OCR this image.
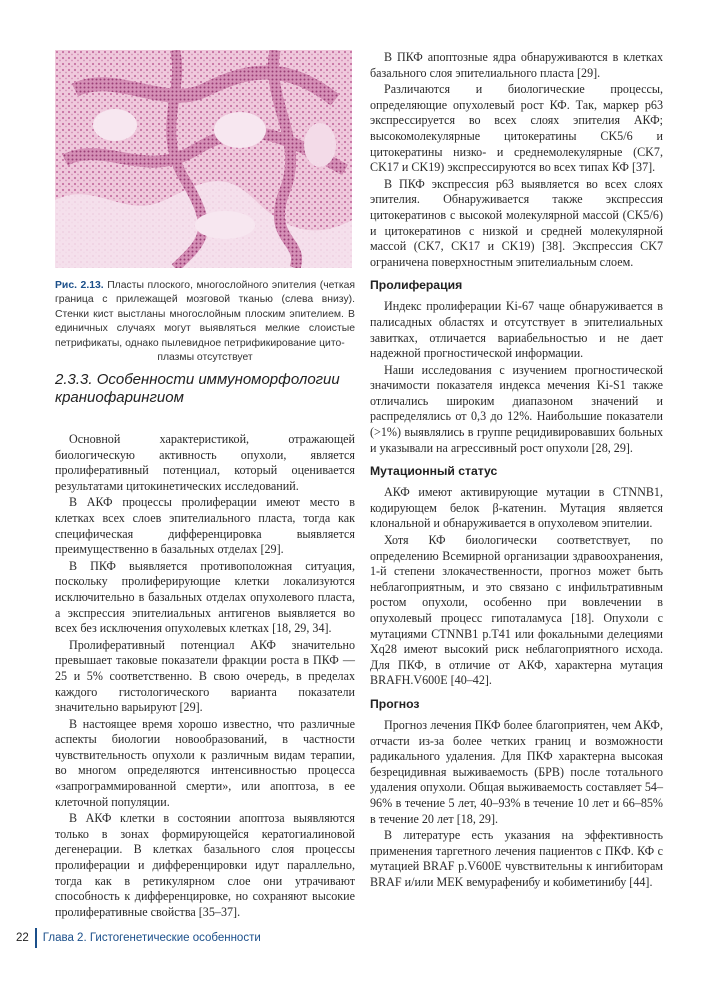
Рис. 2.13. Пласты плоского, многослойного эпителия (четкая граница с прилежащей мозговой тканью (слева внизу). Стенки кист выстланы многослойным плоским эпителием. В единичных случаях могут выявляться мелкие слоистые петрификаты, однако пылевидное петрификирование цито-
плазмы отсутствует
2.3.3. Особенности иммуноморфологии краниофарингиом

Основной характеристикой, отражающей биологическую активность опухоли, является пролиферативный потенциал, который оценивается результатами цитокинетических исследований.

В АКФ процессы пролиферации имеют место в клетках всех слоев эпителиального пласта, тогда как специфическая дифференцировка выявляется преимущественно в базальных отделах [29].

В ПКФ выявляется противоположная ситуация, поскольку пролиферирующие клетки локализуются исключительно в базальных отделах опухолевого пласта, а экспрессия эпителиальных антигенов выявляется во всех без исключения опухолевых клетках [18, 29, 34].

Пролиферативный потенциал АКФ значительно превышает таковые показатели фракции роста в ПКФ — 25 и 5% соответственно. В свою очередь, в пределах каждого гистологического варианта показатели значительно варьируют [29].

В настоящее время хорошо известно, что различные аспекты биологии новообразований, в частности чувствительность опухоли к различным видам терапии, во многом определяются интенсивностью процесса «запрограммированной смерти», или апоптоза, в ее клеточной популяции.

В АКФ клетки в состоянии апоптоза выявляются только в зонах формирующейся кератогиалиновой дегенерации. В клетках базального слоя процессы пролиферации и дифференцировки идут параллельно, тогда как в ретикулярном слое они утрачивают способность к дифференцировке, но сохраняют высокие пролиферативные свойства [35–37].

В ПКФ апоптозные ядра обнаруживаются в клетках базального слоя эпителиального пласта [29].

Различаются и биологические процессы, определяющие опухолевый рост КФ. Так, маркер p63 экспрессируется во всех слоях эпителия АКФ; высокомолекулярные цитокератины CK5/6 и цитокератины низко- и среднемолекулярные (CK7, CK17 и CK19) экспрессируются во всех типах КФ [37].

В ПКФ экспрессия p63 выявляется во всех слоях эпителия. Обнаруживается также экспрессия цитокератинов с высокой молекулярной массой (CK5/6) и цитокератинов с низкой и средней молекулярной массой (CK7, CK17 и CK19) [38]. Экспрессия CK7 ограничена поверхностным эпителиальным слоем.

Пролиферация

Индекс пролиферации Ki-67 чаще обнаруживается в палисадных областях и отсутствует в эпителиальных завитках, отличается вариабельностью и не дает надежной прогностической информации.

Наши исследования с изучением прогностической значимости показателя индекса мечения Ki-S1 также отличались широким диапазоном значений и распределялись от 0,3 до 12%. Наибольшие показатели (>1%) выявлялись в группе рецидивировавших больных и указывали на агрессивный рост опухоли [28, 29].

Мутационный статус

АКФ имеют активирующие мутации в CTNNB1, кодирующем белок β-катенин. Мутация является клональной и обнаруживается в опухолевом эпителии.

Хотя КФ биологически соответствует, по определению Всемирной организации здравоохранения, 1-й степени злокачественности, прогноз может быть неблагоприятным, и это связано с инфильтративным ростом опухоли, особенно при вовлечении в опухолевый процесс гипоталамуса [18]. Опухоли с мутациями CTNNB1 p.T41 или фокальными делециями Xq28 имеют высокий риск неблагоприятного исхода. Для ПКФ, в отличие от АКФ, характерна мутация BRAFH.V600E [40–42].

Прогноз

Прогноз лечения ПКФ более благоприятен, чем АКФ, отчасти из-за более четких границ и возможности радикального удаления. Для ПКФ характерна высокая безрецидивная выживаемость (БРВ) после тотального удаления опухоли. Общая выживаемость составляет 54–96% в течение 5 лет, 40–93% в течение 10 лет и 66–85% в течение 20 лет [18, 29].

В литературе есть указания на эффективность применения таргетного лечения пациентов с ПКФ. КФ с мутацией BRAF p.V600E чувствительны к ингибиторам BRAF и/или MEK вемурафенибу и кобиметинибу [44].

22 Глава 2. Гистогенетические особенности
